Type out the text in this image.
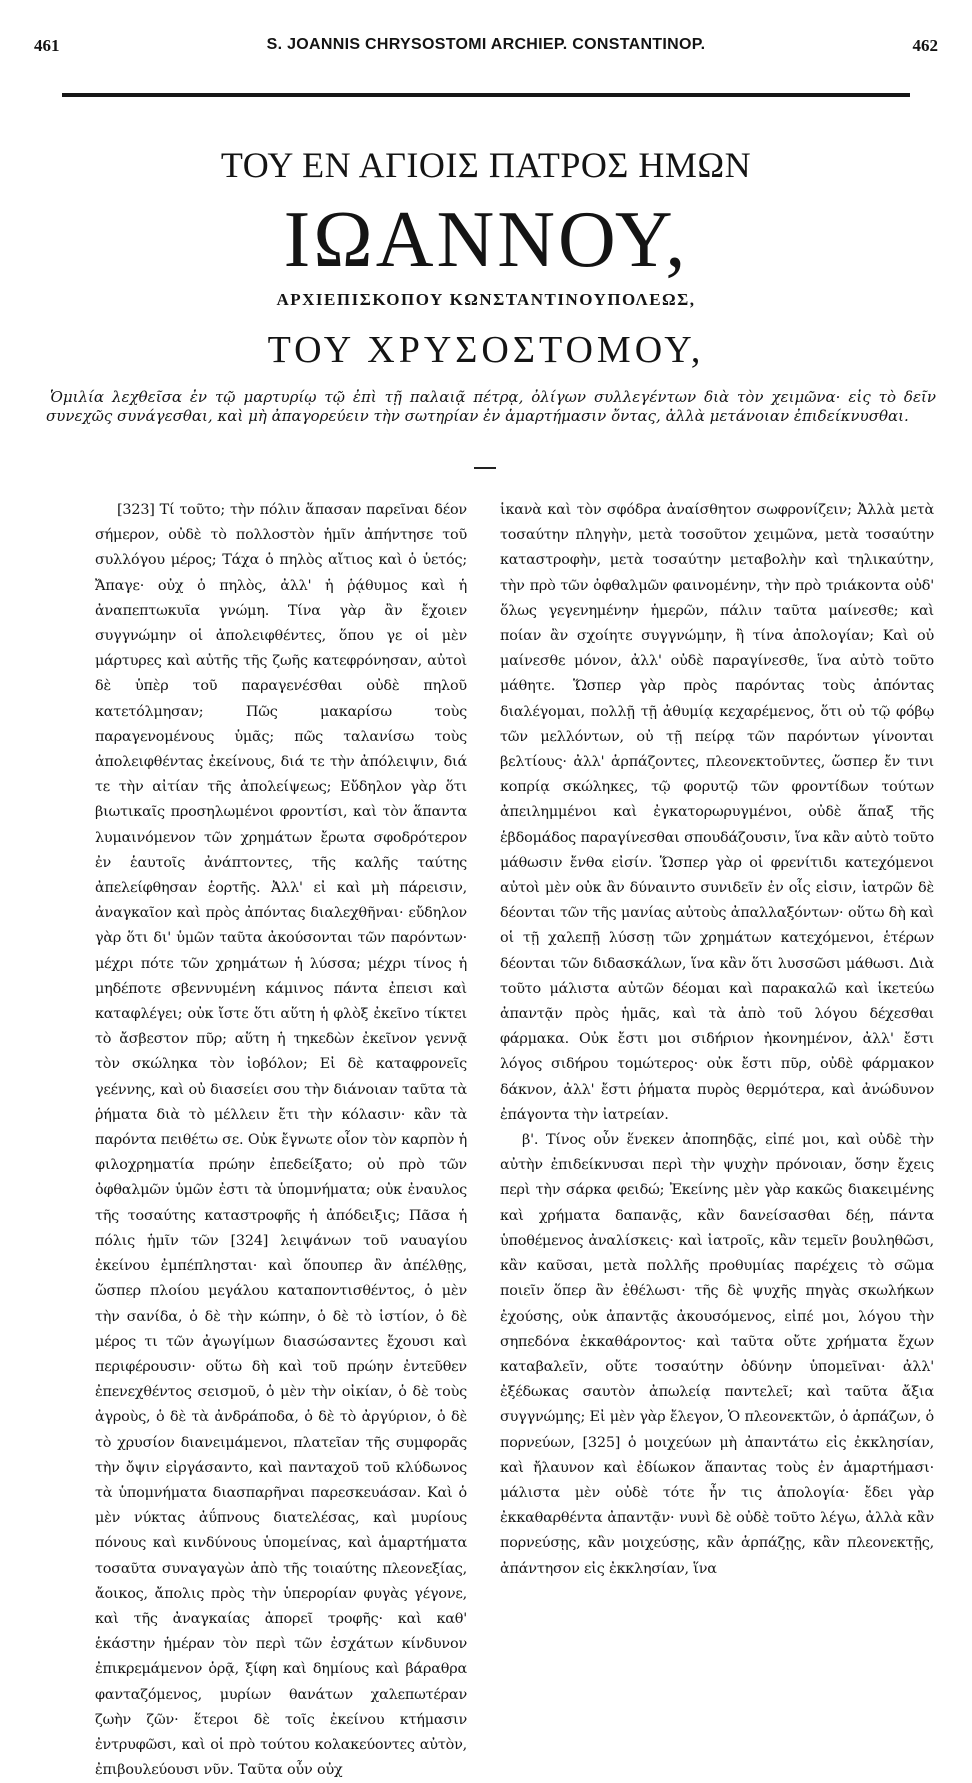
461	S. JOANNIS CHRYSOSTOMI ARCHIEP. CONSTANTINOP.	462
ΤΟΥ ΕΝ ΑΓΙΟΙΣ ΠΑΤΡΟΣ ΗΜΩΝ
ΙΩΑΝΝΟΥ,
ΑΡΧΙΕΠΙΣΚΟΠΟΥ ΚΩΝΣΤΑΝΤΙΝΟΥΠΟΛΕΩΣ,
ΤΟΥ ΧΡΥΣΟΣΤΟΜΟΥ,
Ὁμιλία λεχθεῖσα ἐν τῷ μαρτυρίῳ τῷ ἐπὶ τῇ παλαιᾷ πέτρᾳ, ὀλίγων συλλεγέντων διὰ τὸν χειμῶνα· εἰς τὸ δεῖν συνεχῶς συνάγεσθαι, καὶ μὴ ἀπαγορεύειν τὴν σωτηρίαν ἐν ἁμαρτήμασιν ὄντας, ἀλλὰ μετάνοιαν ἐπιδείκνυσθαι.

[323] Τί τοῦτο; τὴν πόλιν ἅπασαν παρεῖναι δέον σήμερον, οὐδὲ τὸ πολλοστὸν ἡμῖν ἀπήντησε τοῦ συλλόγου μέρος; Τάχα ὁ πηλὸς αἴτιος καὶ ὁ ὑετός; Ἄπαγε· οὐχ ὁ πηλὸς, ἀλλ' ἡ ῥᾴθυμος καὶ ἡ ἀναπεπτωκυῖα γνώμη. Τίνα γὰρ ἂν ἔχοιεν συγγνώμην οἱ ἀπολειφθέντες, ὅπου γε οἱ μὲν μάρτυρες καὶ αὐτῆς τῆς ζωῆς κατεφρόνησαν, αὐτοὶ δὲ ὑπὲρ τοῦ παραγενέσθαι οὐδὲ πηλοῦ κατετόλμησαν; Πῶς μακαρίσω τοὺς παραγενομένους ὑμᾶς; πῶς ταλανίσω τοὺς ἀπολειφθέντας ἐκείνους, διά τε τὴν ἀπόλειψιν, διά τε τὴν αἰτίαν τῆς ἀπολείψεως; Εὔδηλον γὰρ ὅτι βιωτικαῖς προσηλωμένοι φροντίσι, καὶ τὸν ἅπαντα λυμαινόμενον τῶν χρημάτων ἔρωτα σφοδρότερον ἐν ἑαυτοῖς ἀνάπτοντες, τῆς καλῆς ταύτης ἀπελείφθησαν ἑορτῆς. Ἀλλ' εἰ καὶ μὴ πάρεισιν, ἀναγκαῖον καὶ πρὸς ἀπόντας διαλεχθῆναι· εὔδηλον γὰρ ὅτι δι' ὑμῶν ταῦτα ἀκούσονται τῶν παρόντων· μέχρι πότε τῶν χρημάτων ἡ λύσσα; μέχρι τίνος ἡ μηδέποτε σβεννυμένη κάμινος πάντα ἐπεισι καὶ καταφλέγει; οὐκ ἴστε ὅτι αὕτη ἡ φλὸξ ἐκεῖνο τίκτει τὸ ἄσβεστον πῦρ; αὕτη ἡ τηκεδὼν ἐκεῖνον γεννᾷ τὸν σκώληκα τὸν ἰοβόλον; Εἰ δὲ καταφρονεῖς γεέννης, καὶ οὐ διασείει σου τὴν διάνοιαν ταῦτα τὰ ῥήματα διὰ τὸ μέλλειν ἔτι τὴν κόλασιν· κἂν τὰ παρόντα πειθέτω σε. Οὐκ ἔγνωτε οἷον τὸν καρπὸν ἡ φιλοχρηματία πρώην ἐπεδείξατο; οὐ πρὸ τῶν ὀφθαλμῶν ὑμῶν ἐστι τὰ ὑπομνήματα; οὐκ ἐναυλος τῆς τοσαύτης καταστροφῆς ἡ ἀπόδειξις; Πᾶσα ἡ πόλις ἡμῖν τῶν [324] λειψάνων τοῦ ναυαγίου ἐκείνου ἐμπέπλησται· καὶ ὅπουπερ ἂν ἀπέλθῃς, ὥσπερ πλοίου μεγάλου καταποντισθέντος, ὁ μὲν τὴν σανίδα, ὁ δὲ τὴν κώπην, ὁ δὲ τὸ ἱστίον, ὁ δὲ μέρος τι τῶν ἀγωγίμων διασώσαντες ἔχουσι καὶ περιφέρουσιν· οὕτω δὴ καὶ τοῦ πρώην ἐντεῦθεν ἐπενεχθέντος σεισμοῦ, ὁ μὲν τὴν οἰκίαν, ὁ δὲ τοὺς ἀγροὺς, ὁ δὲ τὰ ἀνδράποδα, ὁ δὲ τὸ ἀργύριον, ὁ δὲ τὸ χρυσίον διανειμάμενοι, πλατεῖαν τῆς συμφορᾶς τὴν ὄψιν εἰργάσαντο, καὶ πανταχοῦ τοῦ κλύδωνος τὰ ὑπομνήματα διασπαρῆναι παρεσκευάσαν. Καὶ ὁ μὲν νύκτας ἀΰπνους διατελέσας, καὶ μυρίους πόνους καὶ κινδύνους ὑπομείνας, καὶ ἁμαρτήματα τοσαῦτα συναγαγὼν ἀπὸ τῆς τοιαύτης πλεονεξίας, ἄοικος, ἄπολις πρὸς τὴν ὑπερορίαν φυγὰς γέγονε, καὶ τῆς ἀναγκαίας ἀπορεῖ τροφῆς· καὶ καθ' ἑκάστην ἡμέραν τὸν περὶ τῶν ἐσχάτων κίνδυνον ἐπικρεμάμενον ὁρᾷ, ξίφη καὶ δημίους καὶ βάραθρα φανταζόμενος, μυρίων θανάτων χαλεπωτέραν ζωὴν ζῶν· ἕτεροι δὲ τοῖς ἐκείνου κτήμασιν ἐντρυφῶσι, καὶ οἱ πρὸ τούτου κολακεύοντες αὐτὸν, ἐπιβουλεύουσι νῦν. Ταῦτα οὖν οὐχ

ἱκανὰ καὶ τὸν σφόδρα ἀναίσθητον σωφρονίζειν; Ἀλλὰ μετὰ τοσαύτην πληγὴν, μετὰ τοσοῦτον χειμῶνα, μετὰ τοσαύτην καταστροφὴν, μετὰ τοσαύτην μεταβολὴν καὶ τηλικαύτην, τὴν πρὸ τῶν ὀφθαλμῶν φαινομένην, τὴν πρὸ τριάκοντα οὐδ' ὅλως γεγενημένην ἡμερῶν, πάλιν ταῦτα μαίνεσθε; καὶ ποίαν ἂν σχοίητε συγγνώμην, ἢ τίνα ἀπολογίαν; Καὶ οὐ μαίνεσθε μόνον, ἀλλ' οὐδὲ παραγίνεσθε, ἵνα αὐτὸ τοῦτο μάθητε. Ὥσπερ γὰρ πρὸς παρόντας τοὺς ἀπόντας διαλέγομαι, πολλῇ τῇ ἀθυμίᾳ κεχαρέμενος, ὅτι οὐ τῷ φόβῳ τῶν μελλόντων, οὐ τῇ πείρᾳ τῶν παρόντων γίνονται βελτίους· ἀλλ' ἁρπάζοντες, πλεονεκτοῦντες, ὥσπερ ἔν τινι κοπρίᾳ σκώληκες, τῷ φορυτῷ τῶν φροντίδων τούτων ἀπειλημμένοι καὶ ἐγκατορωρυγμένοι, οὐδὲ ἅπαξ τῆς ἑβδομάδος παραγίνεσθαι σπουδάζουσιν, ἵνα κἂν αὐτὸ τοῦτο μάθωσιν ἔνθα εἰσίν. Ὥσπερ γὰρ οἱ φρενίτιδι κατεχόμενοι αὐτοὶ μὲν οὐκ ἂν δύναιντο συνιδεῖν ἐν οἷς εἰσιν, ἰατρῶν δὲ δέονται τῶν τῆς μανίας αὐτοὺς ἀπαλλαξόντων· οὕτω δὴ καὶ οἱ τῇ χαλεπῇ λύσσῃ τῶν χρημάτων κατεχόμενοι, ἑτέρων δέονται τῶν διδασκάλων, ἵνα κἂν ὅτι λυσσῶσι μάθωσι. Διὰ τοῦτο μάλιστα αὐτῶν δέομαι καὶ παρακαλῶ καὶ ἱκετεύω ἀπαντᾷν πρὸς ἡμᾶς, καὶ τὰ ἀπὸ τοῦ λόγου δέχεσθαι φάρμακα. Οὐκ ἔστι μοι σιδήριον ἠκονημένον, ἀλλ' ἔστι λόγος σιδήρου τομώτερος· οὐκ ἔστι πῦρ, οὐδὲ φάρμακον δάκνον, ἀλλ' ἔστι ῥήματα πυρὸς θερμότερα, καὶ ἀνώδυνον ἐπάγοντα τὴν ἰατρείαν.

β'. Τίνος οὖν ἕνεκεν ἀποπηδᾷς, εἰπέ μοι, καὶ οὐδὲ τὴν αὐτὴν ἐπιδείκνυσαι περὶ τὴν ψυχὴν πρόνοιαν, ὅσην ἔχεις περὶ τὴν σάρκα φειδώ; Ἐκείνης μὲν γὰρ κακῶς διακειμένης καὶ χρήματα δαπανᾷς, κἂν δανείσασθαι δέῃ, πάντα ὑποθέμενος ἀναλίσκεις· καὶ ἰατροῖς, κἂν τεμεῖν βουληθῶσι, κἂν καῦσαι, μετὰ πολλῆς προθυμίας παρέχεις τὸ σῶμα ποιεῖν ὅπερ ἂν ἐθέλωσι· τῆς δὲ ψυχῆς πηγὰς σκωλήκων ἐχούσης, οὐκ ἀπαντᾷς ἀκουσόμενος, εἰπέ μοι, λόγου τὴν σηπεδόνα ἐκκαθάροντος· καὶ ταῦτα οὔτε χρήματα ἔχων καταβαλεῖν, οὔτε τοσαύτην ὀδύνην ὑπομεῖναι· ἀλλ' ἐξέδωκας σαυτὸν ἀπωλείᾳ παντελεῖ; καὶ ταῦτα ἄξια συγγνώμης; Εἰ μὲν γὰρ ἔλεγον, Ὁ πλεονεκτῶν, ὁ ἁρπάζων, ὁ πορνεύων, [325] ὁ μοιχεύων μὴ ἀπαντάτω εἰς ἐκκλησίαν, καὶ ἤλαυνον καὶ ἐδίωκον ἅπαντας τοὺς ἐν ἁμαρτήμασι· μάλιστα μὲν οὐδὲ τότε ἦν τις ἀπολογία· ἔδει γὰρ ἐκκαθαρθέντα ἀπαντᾷν· νυνὶ δὲ οὐδὲ τοῦτο λέγω, ἀλλὰ κἂν πορνεύσῃς, κἂν μοιχεύσῃς, κἂν ἁρπάζῃς, κἂν πλεονεκτῇς, ἀπάντησον εἰς ἐκκλησίαν, ἵνα
